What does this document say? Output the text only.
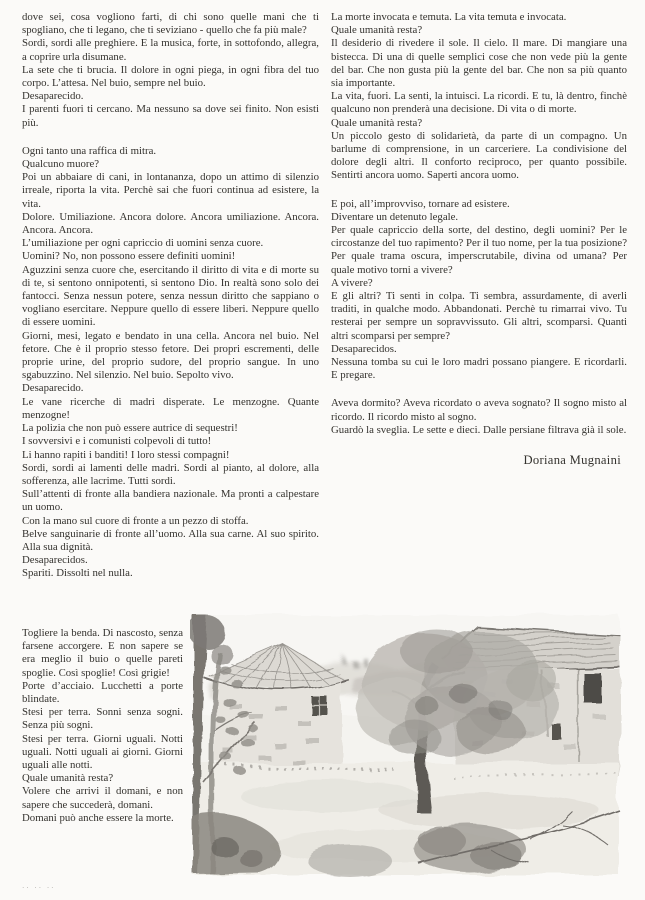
dove sei, cosa vogliono farti, di chi sono quelle mani che ti spogliano, che ti legano, che ti seviziano - quello che fa più male?

Sordi, sordi alle preghiere. E la musica, forte, in sottofondo, allegra, a coprire urla disumane.

La sete che ti brucia. Il dolore in ogni piega, in ogni fibra del tuo corpo. L’attesa. Nel buio, sempre nel buio.

Desaparecido.

I parenti fuori ti cercano. Ma nessuno sa dove sei finito. Non esisti più.

Ogni tanto una raffica di mitra.

Qualcuno muore?

Poi un abbaiare di cani, in lontananza, dopo un attimo di silenzio irreale, riporta la vita. Perchè sai che fuori continua ad esistere, la vita.

Dolore. Umiliazione. Ancora dolore. Ancora umiliazione. Ancora. Ancora. Ancora.

L’umiliazione per ogni capriccio di uomini senza cuore.

Uomini? No, non possono essere definiti uomini!

Aguzzini senza cuore che, esercitando il diritto di vita e di morte su di te, si sentono onnipotenti, si sentono Dio. In realtà sono solo dei fantocci. Senza nessun potere, senza nessun diritto che sappiano o vogliano esercitare. Neppure quello di essere liberi. Neppure quello di essere uomini.

Giorni, mesi, legato e bendato in una cella. Ancora nel buio. Nel fetore. Che è il proprio stesso fetore. Dei propri escrementi, delle proprie urine, del proprio sudore, del proprio sangue. In uno sgabuzzino. Nel silenzio. Nel buio. Sepolto vivo.

Desaparecido.

Le vane ricerche di madri disperate. Le menzogne. Quante menzogne!

La polizia che non può essere autrice di sequestri!

I sovversivi e i comunisti colpevoli di tutto!

Li hanno rapiti i banditi! I loro stessi compagni!

Sordi, sordi ai lamenti delle madri. Sordi al pianto, al dolore, alla sofferenza, alle lacrime. Tutti sordi.

Sull’attenti di fronte alla bandiera nazionale. Ma pronti a calpestare un uomo.

Con la mano sul cuore di fronte a un pezzo di stoffa.

Belve sanguinarie di fronte all’uomo. Alla sua carne. Al suo spirito. Alla sua dignità.

Desaparecidos.

Spariti. Dissolti nel nulla.

Togliere la benda. Di nascosto, senza farsene accorgere. E non sapere se era meglio il buio o quelle pareti spoglie. Così spoglie! Così grigie!

Porte d’acciaio. Lucchetti a porte blindate.

Stesi per terra. Sonni senza sogni. Senza più sogni.

Stesi per terra. Giorni uguali. Notti uguali. Notti uguali ai giorni. Giorni uguali alle notti.

Quale umanità resta?

Volere che arrivi il domani, e non sapere che succederà, domani.

Domani può anche essere la morte.

La morte invocata e temuta. La vita temuta e invocata.

Quale umanità resta?

Il desiderio di rivedere il sole. Il cielo. Il mare. Di mangiare una bistecca. Di una di quelle semplici cose che non vede più la gente del bar. Che non gusta più la gente del bar. Che non sa più quanto sia importante.

La vita, fuori. La senti, la intuisci. La ricordi. E tu, là dentro, finchè qualcuno non prenderà una decisione. Di vita o di morte.

Quale umanità resta?

Un piccolo gesto di solidarietà, da parte di un compagno. Un barlume di comprensione, in un carceriere. La condivisione del dolore degli altri. Il conforto reciproco, per quanto possibile. Sentirti ancora uomo. Saperti ancora uomo.

E poi, all’improvviso, tornare ad esistere.

Diventare un detenuto legale.

Per quale capriccio della sorte, del destino, degli uomini? Per le circostanze del tuo rapimento? Per il tuo nome, per la tua posizione? Per quale trama oscura, imperscrutabile, divina od umana? Per quale motivo torni a vivere?

A vivere?

E gli altri? Ti senti in colpa. Ti sembra, assurdamente, di averli traditi, in qualche modo. Abbandonati. Perchè tu rimarrai vivo. Tu resterai per sempre un sopravvissuto. Gli altri, scomparsi. Quanti altri scomparsi per sempre?

Desaparecidos.

Nessuna tomba su cui le loro madri possano piangere. E ricordarli. E pregare.

Aveva dormito? Aveva ricordato o aveva sognato? Il sogno misto al ricordo. Il ricordo misto al sogno.

Guardò la sveglia. Le sette e dieci. Dalle persiane filtrava già il sole.

Doriana Mugnaini

·· ·· ··
